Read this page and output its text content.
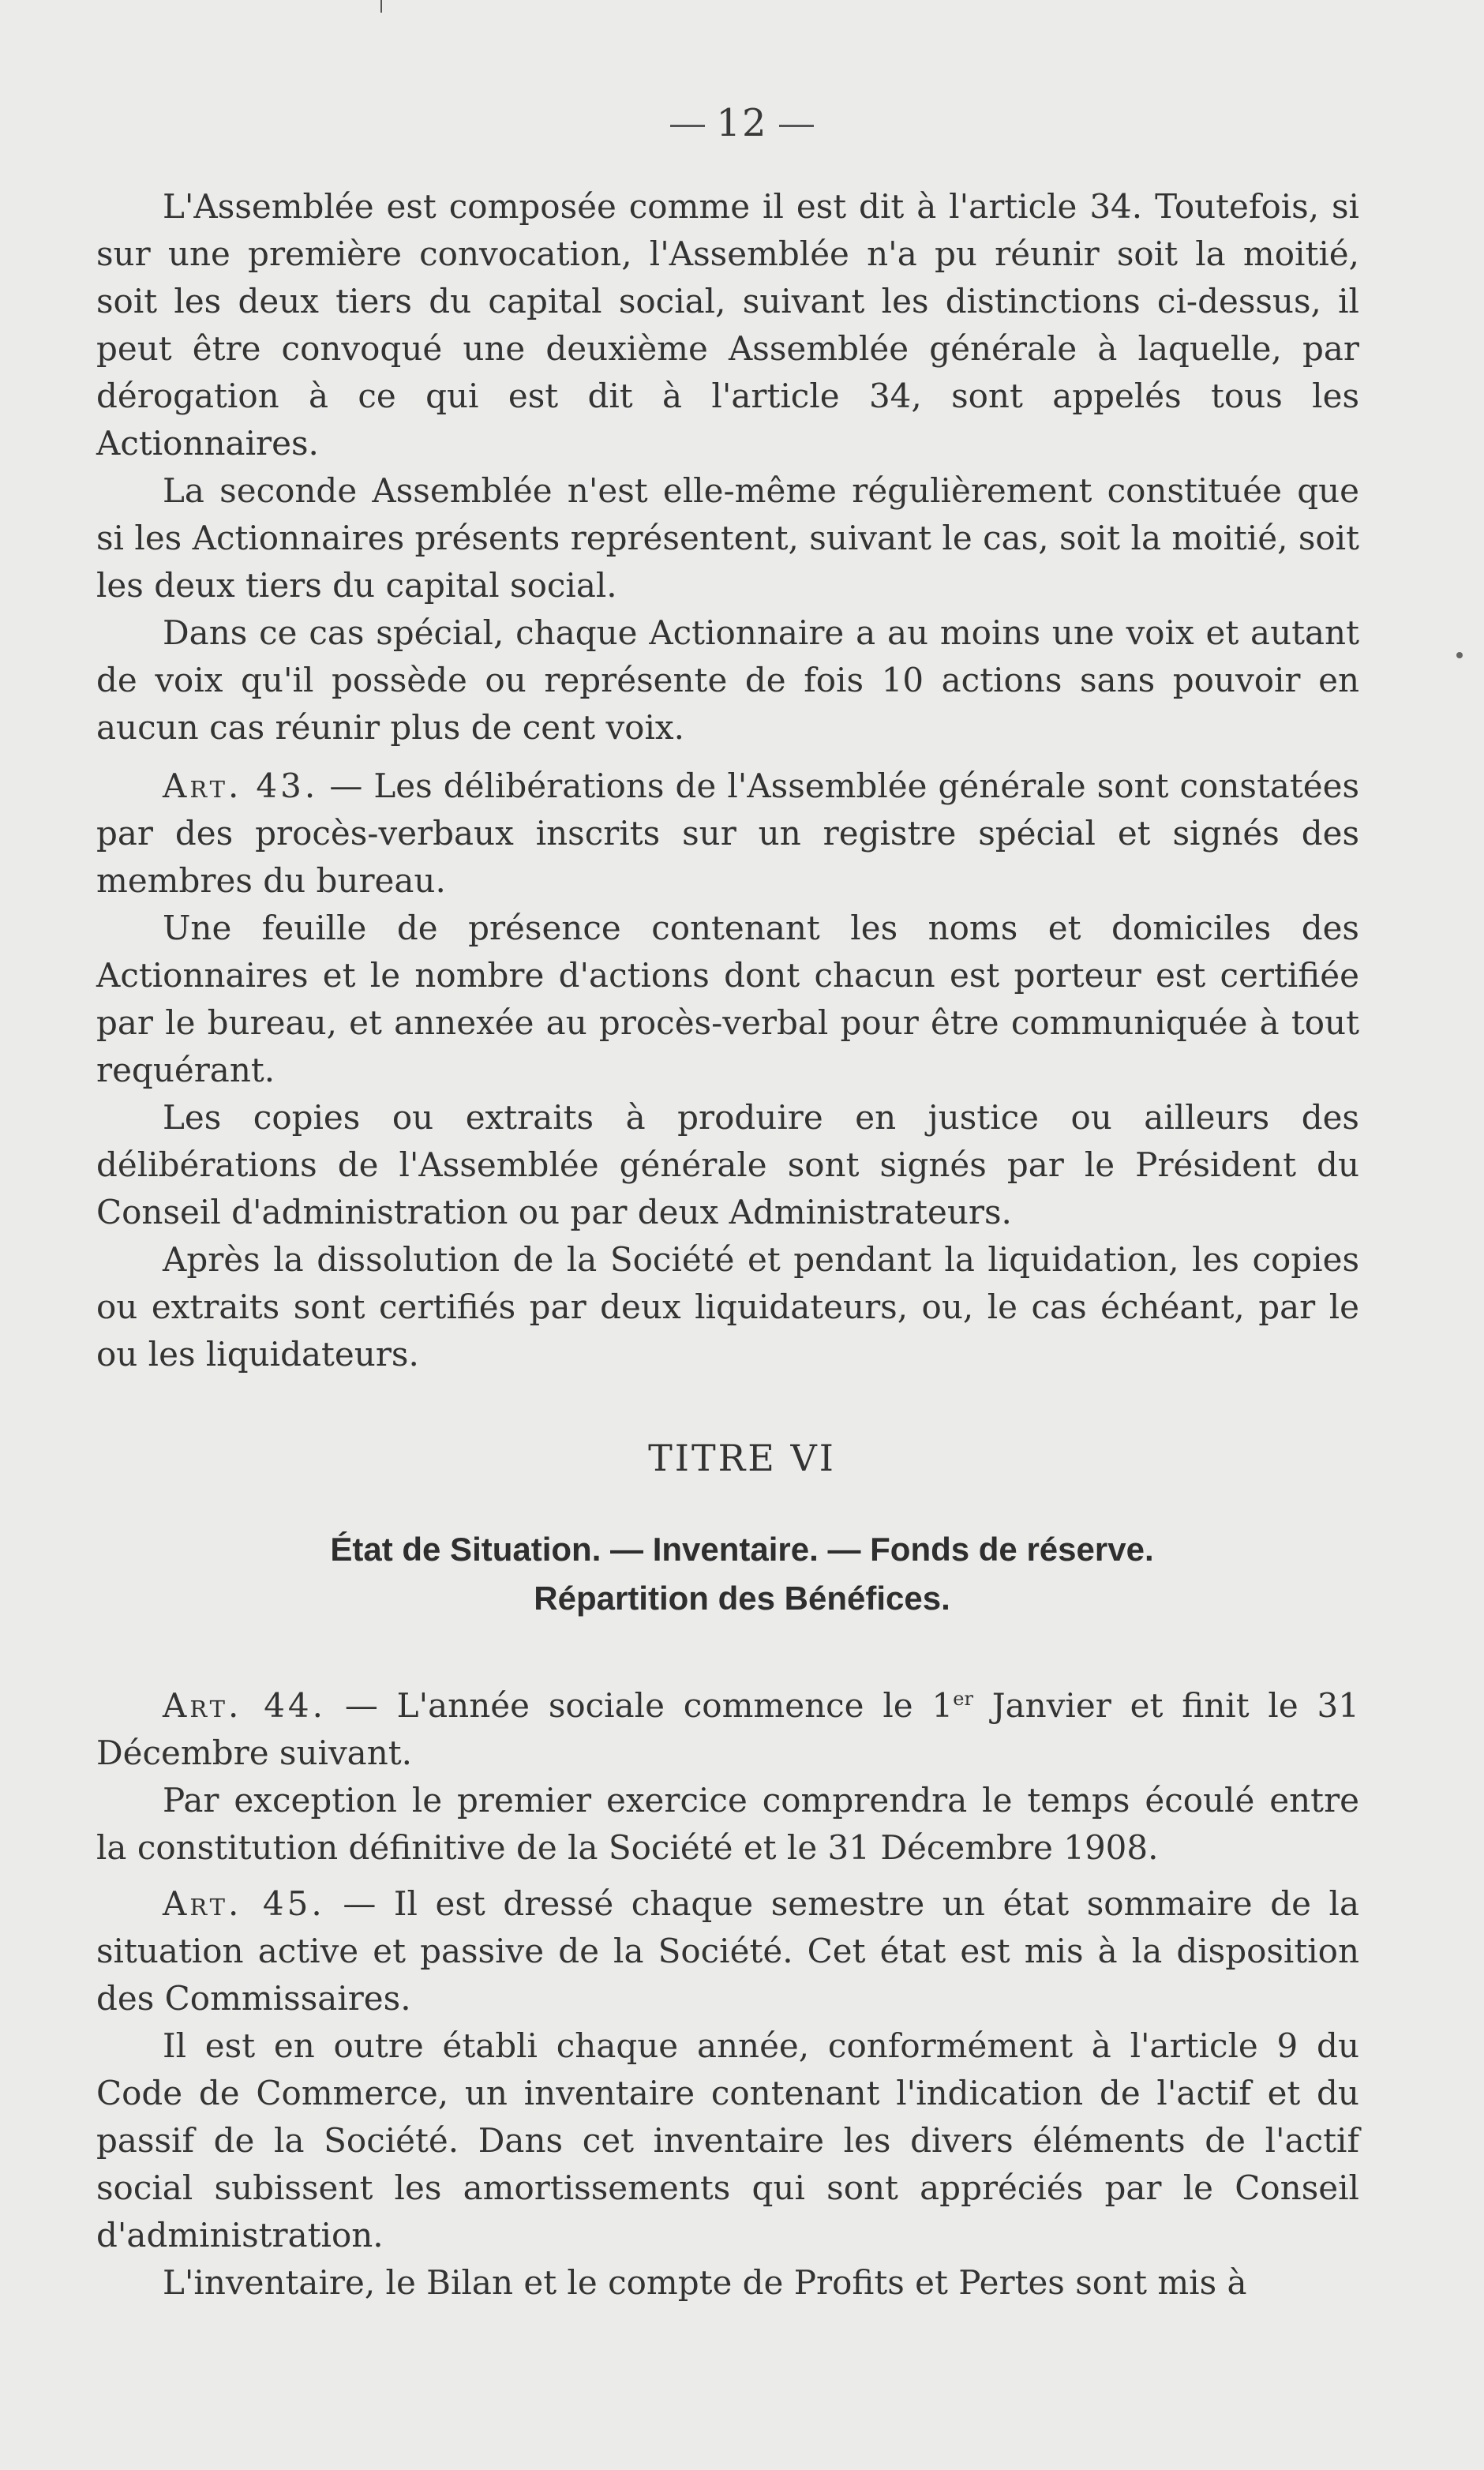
12

L'Assemblée est composée comme il est dit à l'article 34. Toutefois, si sur une première convocation, l'Assemblée n'a pu réunir soit la moitié, soit les deux tiers du capital social, suivant les distinctions ci-dessus, il peut être convoqué une deuxième Assemblée générale à laquelle, par dérogation à ce qui est dit à l'article 34, sont appelés tous les Actionnaires.

La seconde Assemblée n'est elle-même régulièrement constituée que si les Actionnaires présents représentent, suivant le cas, soit la moitié, soit les deux tiers du capital social.

Dans ce cas spécial, chaque Actionnaire a au moins une voix et autant de voix qu'il possède ou représente de fois 10 actions sans pouvoir en aucun cas réunir plus de cent voix.

Art. 43. — Les délibérations de l'Assemblée générale sont constatées par des procès-verbaux inscrits sur un registre spécial et signés des membres du bureau.

Une feuille de présence contenant les noms et domiciles des Actionnaires et le nombre d'actions dont chacun est porteur est certifiée par le bureau, et annexée au procès-verbal pour être communiquée à tout requérant.

Les copies ou extraits à produire en justice ou ailleurs des délibérations de l'Assemblée générale sont signés par le Président du Conseil d'administration ou par deux Administrateurs.

Après la dissolution de la Société et pendant la liquidation, les copies ou extraits sont certifiés par deux liquidateurs, ou, le cas échéant, par le ou les liquidateurs.

TITRE VI
État de Situation. — Inventaire. — Fonds de réserve.
Répartition des Bénéfices.

Art. 44. — L'année sociale commence le 1er Janvier et finit le 31 Décembre suivant.

Par exception le premier exercice comprendra le temps écoulé entre la constitution définitive de la Société et le 31 Décembre 1908.

Art. 45. — Il est dressé chaque semestre un état sommaire de la situation active et passive de la Société. Cet état est mis à la disposition des Commissaires.

Il est en outre établi chaque année, conformément à l'article 9 du Code de Commerce, un inventaire contenant l'indication de l'actif et du passif de la Société. Dans cet inventaire les divers éléments de l'actif social subissent les amortissements qui sont appréciés par le Conseil d'administration.

L'inventaire, le Bilan et le compte de Profits et Pertes sont mis à
